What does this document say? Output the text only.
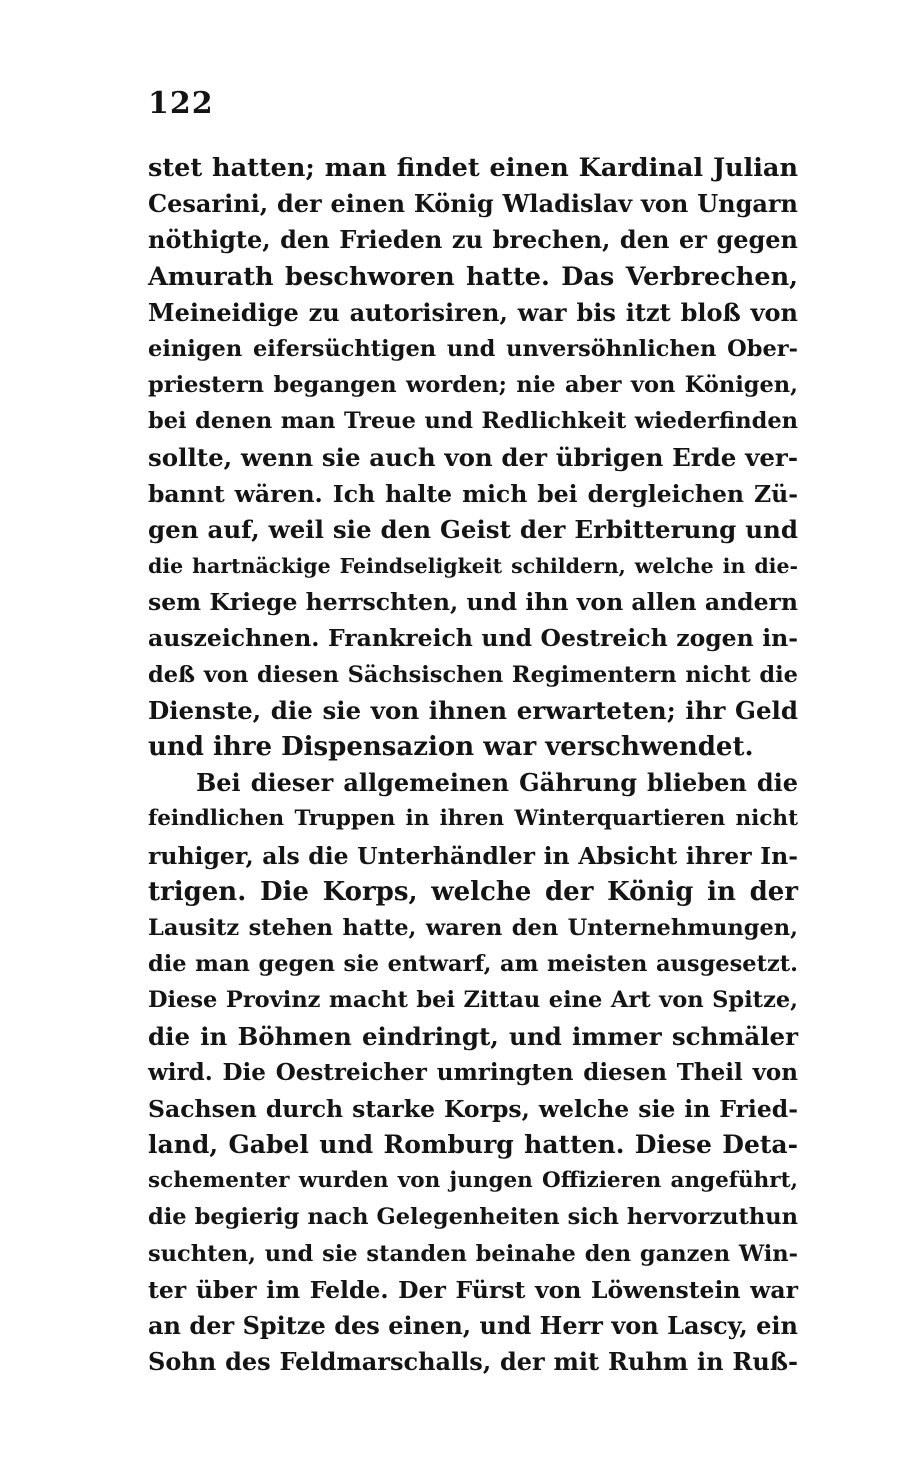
122
stet hatten; man findet einen Kardinal Julian
Cesarini, der einen König Wladislav von Ungarn
nöthigte, den Frieden zu brechen, den er gegen
Amurath beschworen hatte. Das Verbrechen,
Meineidige zu autorisiren, war bis itzt bloß von
einigen eifersüchtigen und unversöhnlichen Ober-
priestern begangen worden; nie aber von Königen,
bei denen man Treue und Redlichkeit wiederfinden
sollte, wenn sie auch von der übrigen Erde ver-
bannt wären. Ich halte mich bei dergleichen Zü-
gen auf, weil sie den Geist der Erbitterung und
die hartnäckige Feindseligkeit schildern, welche in die-
sem Kriege herrschten, und ihn von allen andern
auszeichnen. Frankreich und Oestreich zogen in-
deß von diesen Sächsischen Regimentern nicht die
Dienste, die sie von ihnen erwarteten; ihr Geld
und ihre Dispensazion war verschwendet.
Bei dieser allgemeinen Gährung blieben die
feindlichen Truppen in ihren Winterquartieren nicht
ruhiger, als die Unterhändler in Absicht ihrer In-
trigen. Die Korps, welche der König in der
Lausitz stehen hatte, waren den Unternehmungen,
die man gegen sie entwarf, am meisten ausgesetzt.
Diese Provinz macht bei Zittau eine Art von Spitze,
die in Böhmen eindringt, und immer schmäler
wird. Die Oestreicher umringten diesen Theil von
Sachsen durch starke Korps, welche sie in Fried-
land, Gabel und Romburg hatten. Diese Deta-
schementer wurden von jungen Offizieren angeführt,
die begierig nach Gelegenheiten sich hervorzuthun
suchten, und sie standen beinahe den ganzen Win-
ter über im Felde. Der Fürst von Löwenstein war
an der Spitze des einen, und Herr von Lascy, ein
Sohn des Feldmarschalls, der mit Ruhm in Ruß-
